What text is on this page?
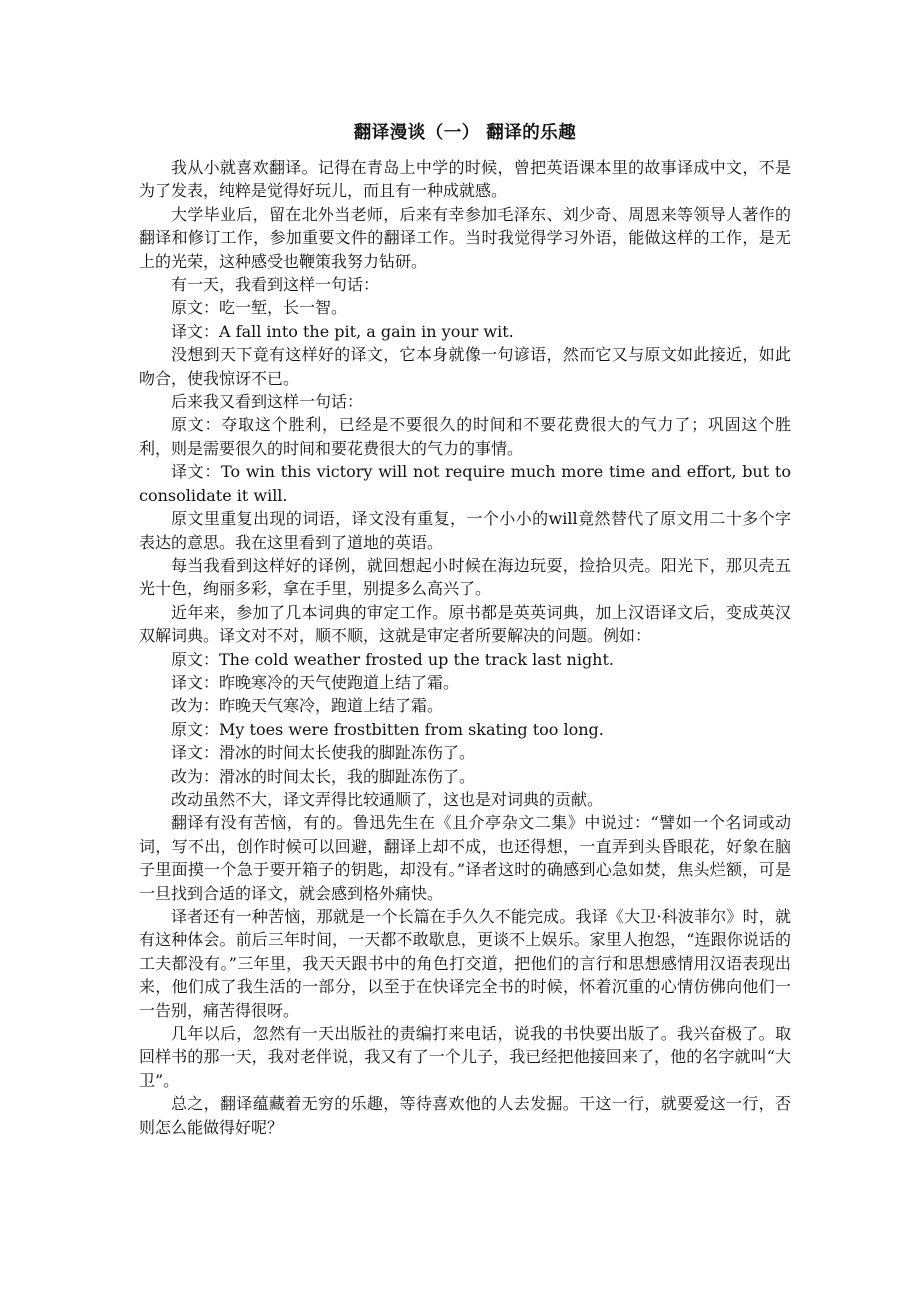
翻译漫谈（一） 翻译的乐趣

我从小就喜欢翻译。记得在青岛上中学的时候，曾把英语课本里的故事译成中文，不是为了发表，纯粹是觉得好玩儿，而且有一种成就感。

大学毕业后，留在北外当老师，后来有幸参加毛泽东、刘少奇、周恩来等领导人著作的翻译和修订工作，参加重要文件的翻译工作。当时我觉得学习外语，能做这样的工作，是无上的光荣，这种感受也鞭策我努力钻研。

有一天，我看到这样一句话：

原文：吃一堑，长一智。

译文：A fall into the pit, a gain in your wit.

没想到天下竟有这样好的译文，它本身就像一句谚语，然而它又与原文如此接近，如此吻合，使我惊讶不已。

后来我又看到这样一句话：

原文：夺取这个胜利，已经是不要很久的时间和不要花费很大的气力了；巩固这个胜利，则是需要很久的时间和要花费很大的气力的事情。

译文：To win this victory will not require much more time and effort, but to consolidate it will.

原文里重复出现的词语，译文没有重复，一个小小的will竟然替代了原文用二十多个字表达的意思。我在这里看到了道地的英语。

每当我看到这样好的译例，就回想起小时候在海边玩耍，捡拾贝壳。阳光下，那贝壳五光十色，绚丽多彩，拿在手里，别提多么高兴了。

近年来，参加了几本词典的审定工作。原书都是英英词典，加上汉语译文后，变成英汉双解词典。译文对不对，顺不顺，这就是审定者所要解决的问题。例如：

原文：The cold weather frosted up the track last night.

译文：昨晚寒冷的天气使跑道上结了霜。

改为：昨晚天气寒冷，跑道上结了霜。

原文：My toes were frostbitten from skating too long.

译文：滑冰的时间太长使我的脚趾冻伤了。

改为：滑冰的时间太长，我的脚趾冻伤了。

改动虽然不大，译文弄得比较通顺了，这也是对词典的贡献。

翻译有没有苦恼，有的。鲁迅先生在《且介亭杂文二集》中说过：“譬如一个名词或动词，写不出，创作时候可以回避，翻译上却不成，也还得想，一直弄到头昏眼花，好象在脑子里面摸一个急于要开箱子的钥匙，却没有。”译者这时的确感到心急如焚，焦头烂额，可是一旦找到合适的译文，就会感到格外痛快。

译者还有一种苦恼，那就是一个长篇在手久久不能完成。我译《大卫·科波菲尔》时，就有这种体会。前后三年时间，一天都不敢歇息，更谈不上娱乐。家里人抱怨，“连跟你说话的工夫都没有。”三年里，我天天跟书中的角色打交道，把他们的言行和思想感情用汉语表现出来，他们成了我生活的一部分，以至于在快译完全书的时候，怀着沉重的心情仿佛向他们一一告别，痛苦得很呀。

几年以后，忽然有一天出版社的责编打来电话，说我的书快要出版了。我兴奋极了。取回样书的那一天，我对老伴说，我又有了一个儿子，我已经把他接回来了，他的名字就叫“大卫”。

总之，翻译蕴藏着无穷的乐趣，等待喜欢他的人去发掘。干这一行，就要爱这一行，否则怎么能做得好呢？
